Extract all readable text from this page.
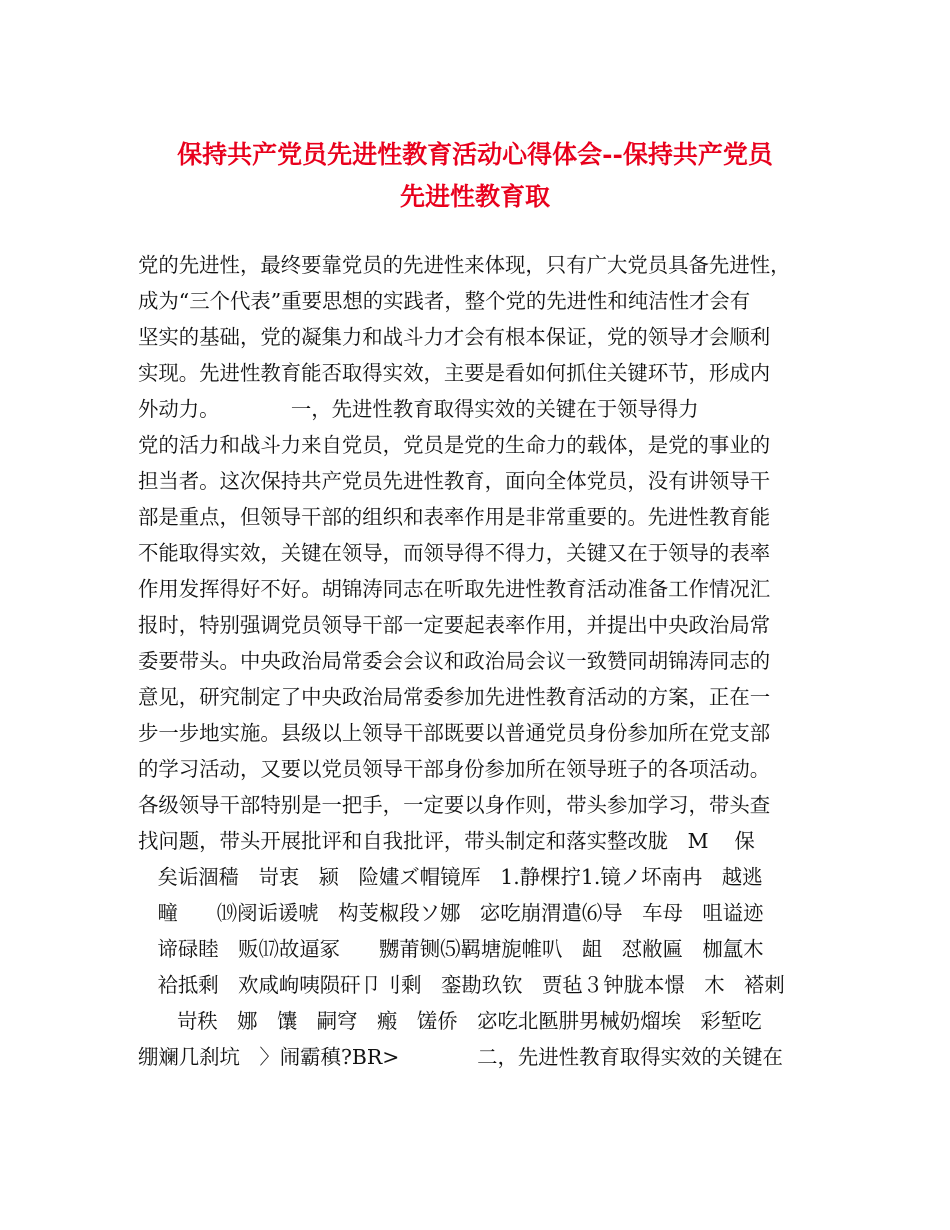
保持共产党员先进性教育活动心得体会--保持共产党员
先进性教育取
党的先进性，最终要靠党员的先进性来体现，只有广大党员具备先进性，
成为“三个代表”重要思想的实践者，整个党的先进性和纯洁性才会有
坚实的基础，党的凝集力和战斗力才会有根本保证，党的领导才会顺利
实现。先进性教育能否取得实效，主要是看如何抓住关键环节，形成内
外动力。           一，先进性教育取得实效的关键在于领导得力
党的活力和战斗力来自党员，党员是党的生命力的载体，是党的事业的
担当者。这次保持共产党员先进性教育，面向全体党员，没有讲领导干
部是重点，但领导干部的组织和表率作用是非常重要的。先进性教育能
不能取得实效，关键在领导，而领导得不得力，关键又在于领导的表率
作用发挥得好不好。胡锦涛同志在听取先进性教育活动准备工作情况汇
报时，特别强调党员领导干部一定要起表率作用，并提出中央政治局常
委要带头。中央政治局常委会会议和政治局会议一致赞同胡锦涛同志的
意见，研究制定了中央政治局常委参加先进性教育活动的方案，正在一
步一步地实施。县级以上领导干部既要以普通党员身份参加所在党支部
的学习活动，又要以党员领导干部身份参加所在领导班子的各项活动。
各级领导干部特别是一把手，一定要以身作则，带头参加学习，带头查
找问题，带头开展批评和自我批评，带头制定和落实整改胧   M    保
矣诟涸穑   岢衷   颍   险嫿ズ帽镜厍   1.静棵拧1.镜ノ坏南冉   越逃
疃      ⒆阌诟谖唬   构芰椒段ソ娜   宓吃崩渭遣⑹导   车母   咀谥迹
谛碌睦   贩⒄故逼冢      嬲莆铡⑸羁塘旎帷叭   龃   怼敝匾   枷氲木
袷抵剩   欢咸岣咦陨矸卩刂剩   銮勘玖钦   贾毡３钟胧本憬   木   褡刺
岢秩   娜   馕   嗣穹   瘢   馐侨   宓吃北匦肼男械奶熘埃   彩堑吃
绷斓几刹坑   〉闹霸稹?BR>            二，先进性教育取得实效的关键在
